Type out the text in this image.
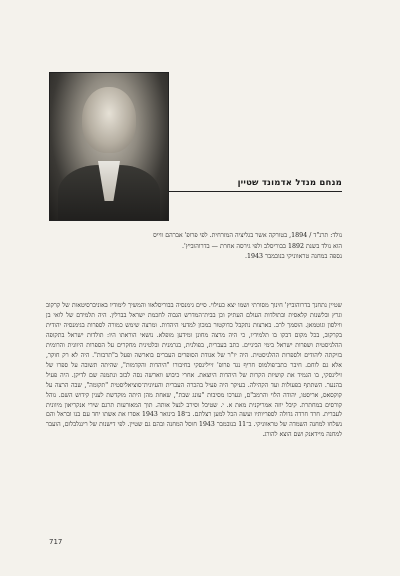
מנחם מנדל אדמונד שטיין
נולד: תרנ"ד / 1894, בטורקה אשר בגליציה המזרחית. לפי פרופ' אברהם ווייס
הוא נולד בשנת 1892 בבוריסלב ולפי גירסה אחרת — בדרוהוביץ'.
נספה במחנה טראווניקי בנובמבר 1943.

שטיין נתחנך בדרוהוביץ' חינוך מסורתי ושמו יצא כעילוי. סיים גימנסיה בבוריסלאוו והמשיך לימודיו באוניברסיטאות של קרקוב וגרץ ובלשנות קלאסית ובתולדות העולם העתיק וכן בבית־המדרש הגבוה לחכמת ישראל בברלין. היה תלמידם של לואי בן ווילסון וגוטמאן. הוסמך לרב. בארצות נתקבל כדוקטור במכון למדעי היהדות. ומרצה שימש כמורה לספרות בגימנסיה יהודית בקרקוב, בכל מקום דבקו בו תלמידיו, כי היה מרצה מחונן ומידען מופלא. נושאי הוראתו היו: תולדות ישראל בתקופה ההלניסטית ושפרות ישראל בימי הביניים. כתב בעברית, בפולנית, בגרמנית ובלטינית מחקרים על הספרות היוונית והרומית בזיקתה ליהודים ולספרות ההלניסטית. היה יו"ר של אגודת הסופרים העברים בוארשה ופעל ב"תרבות". היה לא רק חוקר, אלא גם לוחם. חיבר כתב־פולמוס חריף נגד פרופ' זיילינסקי בחיבורו "היהדות והקדמות", שהיתה תשובה על ספרו של זילינסקי, בו הגמיד את קושיות הקרות של היהדות היוצאת. אחרי כיבוש ווארשה נסה לבוב ונתמנה שם לדיקן. היה פעיל בהנער. השתתף בפעולות ועד הקהילה. בעיקר היה פעיל בהכרה העברית והעיונית־סוציאליסטית "תקומה", שבה הרצה על קוקסאס, אריסטו, יהודה הלוי והרמב"ם, ונערכו מסיבות "עונג שבת", שאחת מהן היתה מוקדשת לענין קידוש השם. נוהל קורסים במחתרת. קיבל יוזה אמריקנית מאת א. י. שטיבל וסירב לנצל אותה. תוך המאורעות תרגם שירי אנקריאון מיוונית לעברית. חרד חרדה גדולה לספריותיו ועשה הכל למען רצלתם. ב־18 בינואר 1943 אסרו את אשתו יחד עם בנו ובראל והם נשלחו למחנה השמדה של טראווניקי. ב־11 בנובמבר 1943 חוסל המחנה ובהם גם שטיין. לפי דישנות של ריננלבלום, הועבר למחנה מיידאנק ושם הוצא להורג.

717
